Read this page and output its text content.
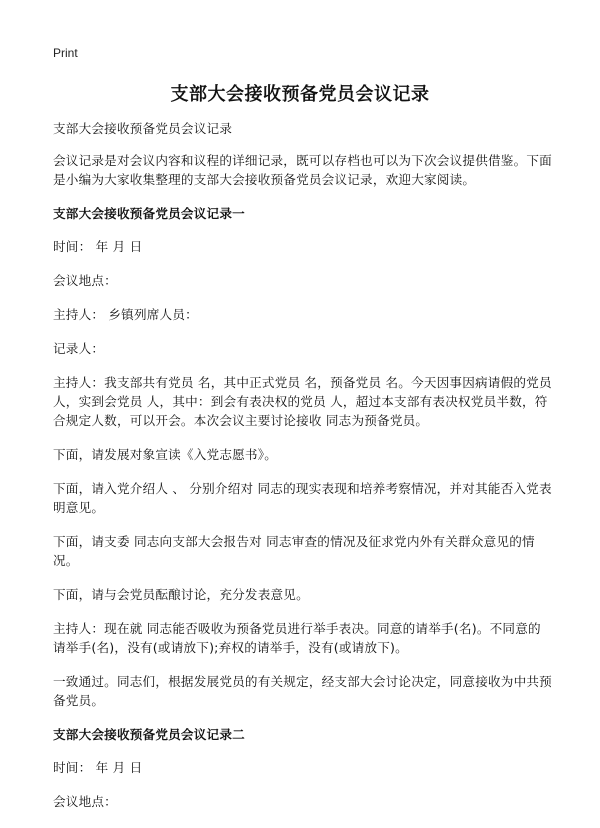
Print
支部大会接收预备党员会议记录

支部大会接收预备党员会议记录

会议记录是对会议内容和议程的详细记录，既可以存档也可以为下次会议提供借鉴。下面是小编为大家收集整理的支部大会接收预备党员会议记录，欢迎大家阅读。

支部大会接收预备党员会议记录一

时间： 年 月 日

会议地点：

主持人： 乡镇列席人员：

记录人：

主持人：我支部共有党员 名，其中正式党员 名，预备党员 名。今天因事因病请假的党员 人，实到会党员 人，其中：到会有表决权的党员 人，超过本支部有表决权党员半数，符合规定人数，可以开会。本次会议主要讨论接收 同志为预备党员。

下面，请发展对象宣读《入党志愿书》。

下面，请入党介绍人 、 分别介绍对 同志的现实表现和培养考察情况，并对其能否入党表明意见。

下面，请支委 同志向支部大会报告对 同志审查的情况及征求党内外有关群众意见的情况。

下面，请与会党员酝酿讨论，充分发表意见。

主持人：现在就 同志能否吸收为预备党员进行举手表决。同意的请举手(名)。不同意的请举手(名)，没有(或请放下);弃权的请举手，没有(或请放下)。

一致通过。同志们，根据发展党员的有关规定，经支部大会讨论决定，同意接收为中共预备党员。

支部大会接收预备党员会议记录二

时间： 年 月 日

会议地点：
